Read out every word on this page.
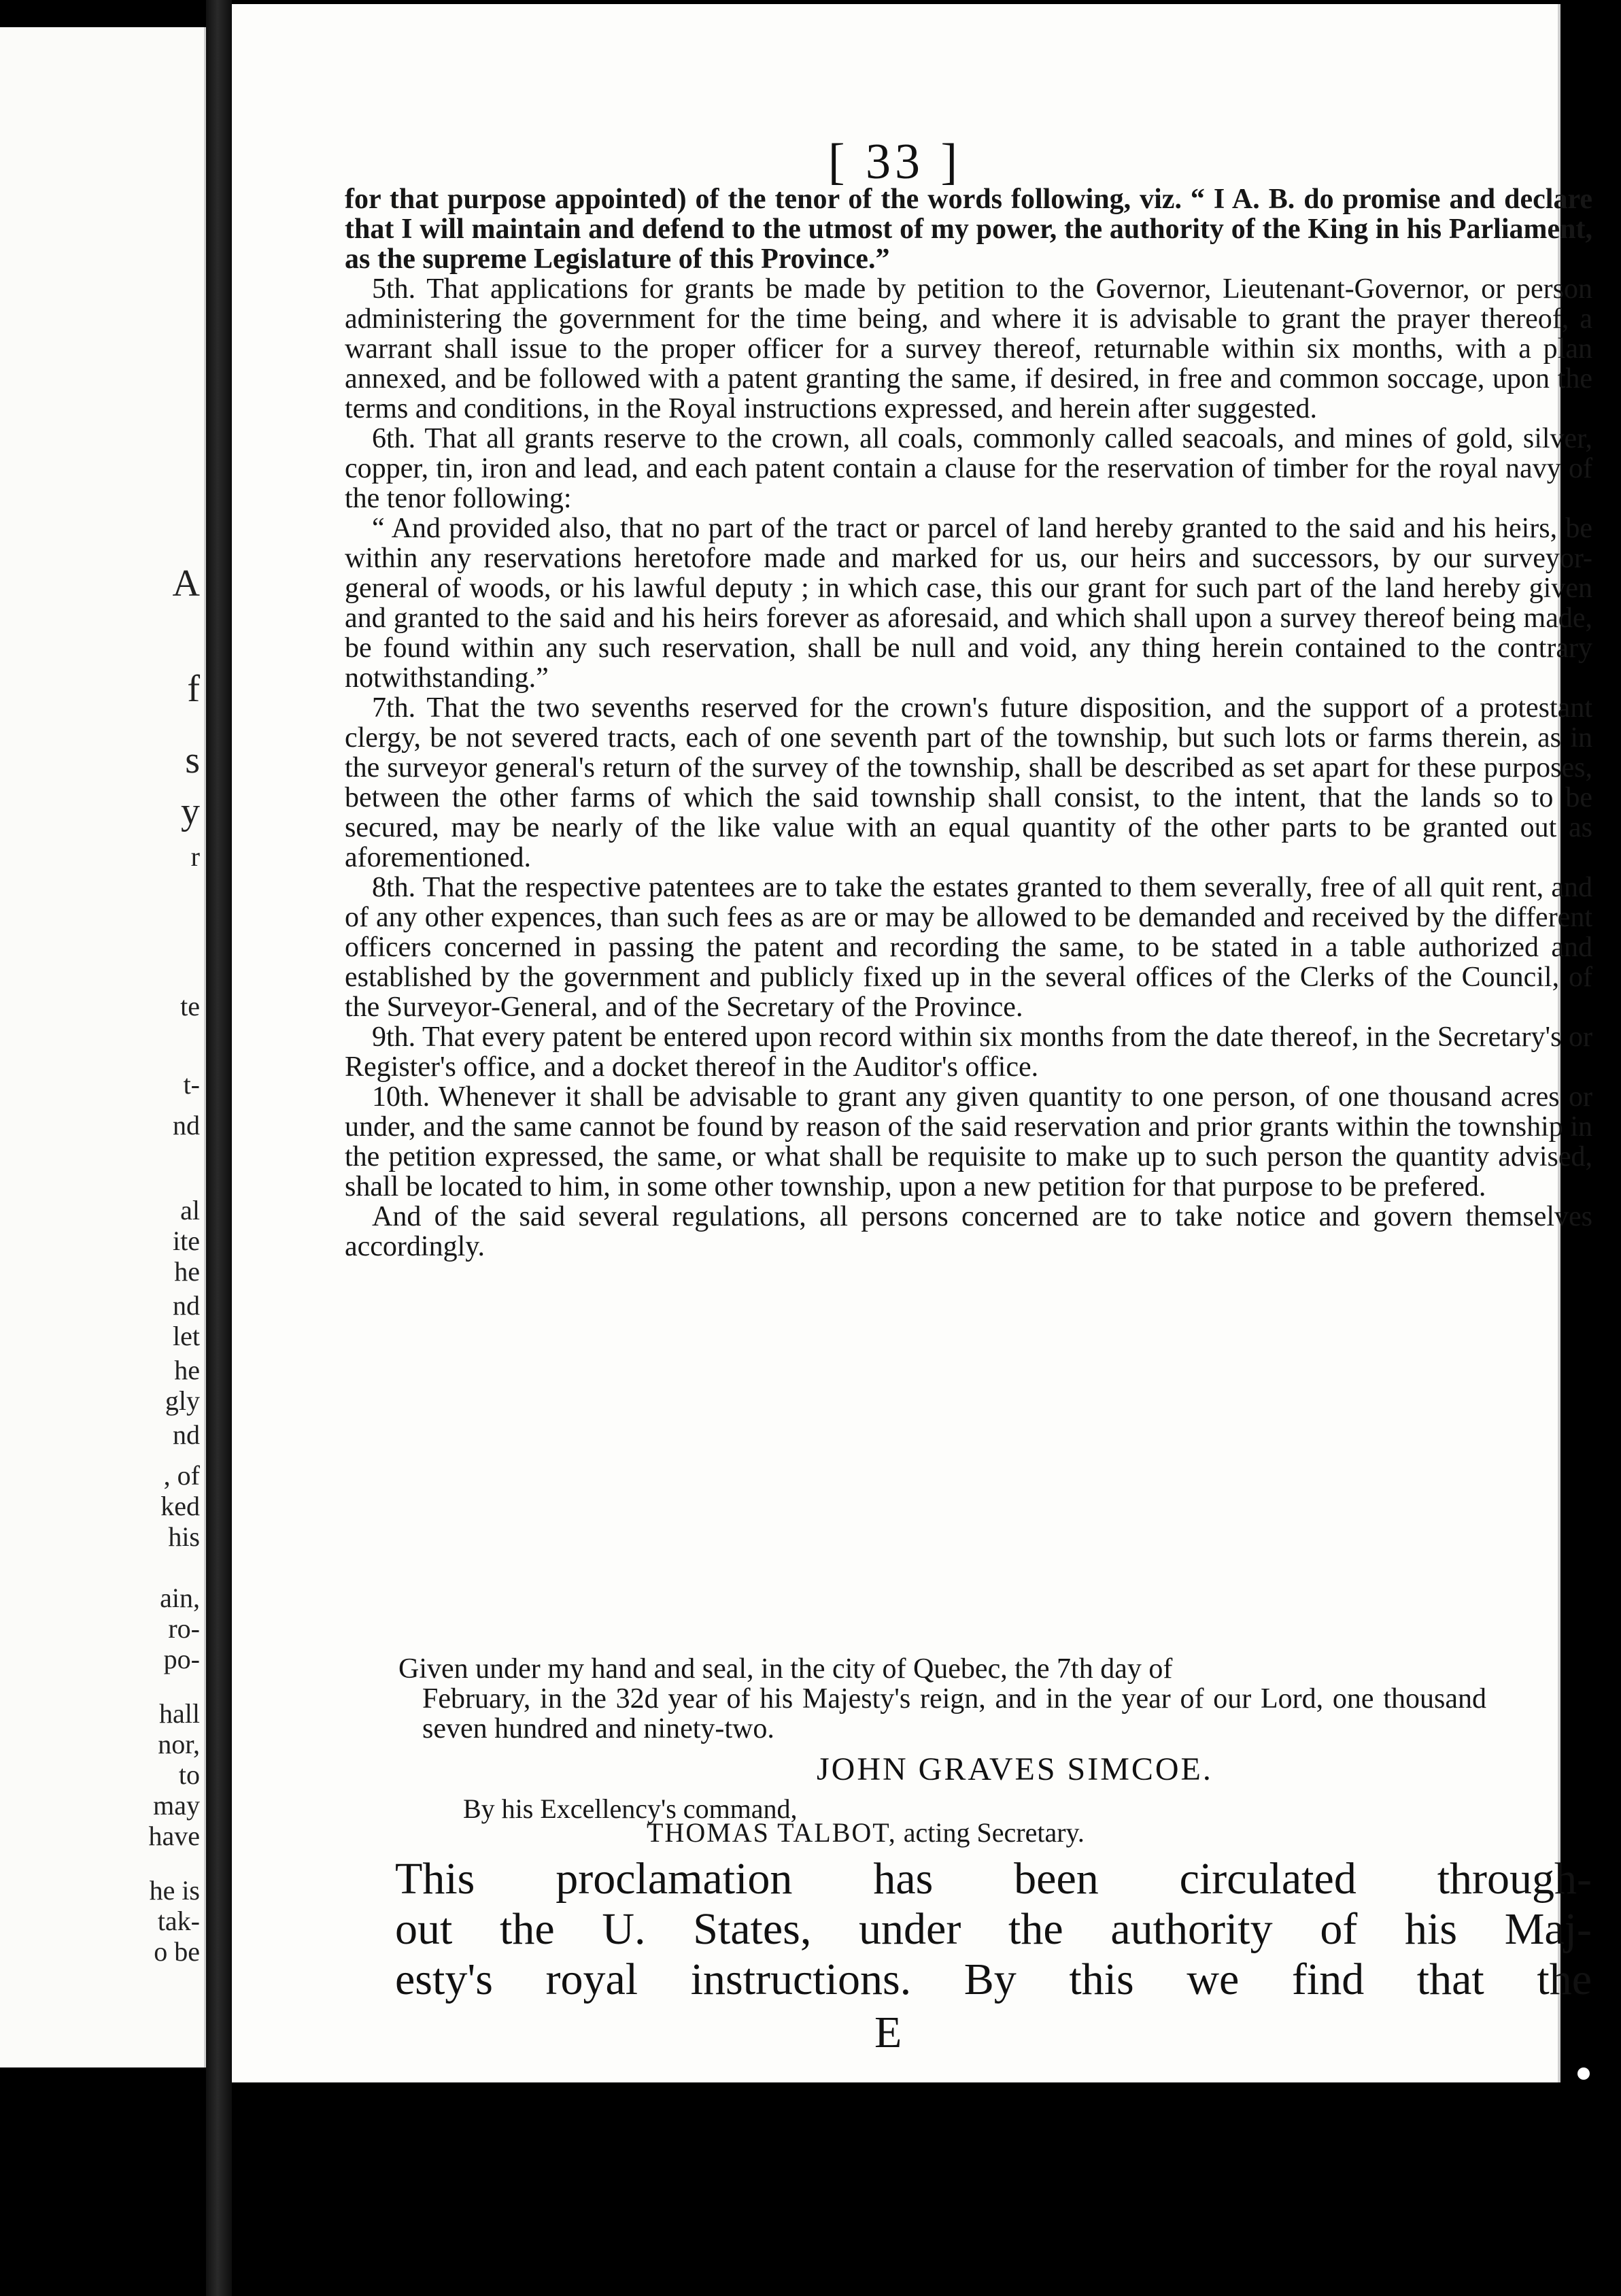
A
f
s
y
r
te
t-
nd
al
ite
he
nd
let
he
gly
nd
, of
ked
his
ain,
ro-
po-
hall
nor,
to
may
have
he is
tak-
o be
[ 33 ]

for that purpose appointed) of the tenor of the words following, viz. “ I A. B. do promise and declare that I will maintain and defend to the utmost of my power, the authority of the King in his Parliament, as the supreme Legislature of this Province.”

5th. That applications for grants be made by petition to the Governor, Lieutenant-Governor, or person administering the government for the time being, and where it is advisable to grant the prayer thereof, a warrant shall issue to the proper officer for a survey thereof, returnable within six months, with a plan annexed, and be followed with a patent granting the same, if desired, in free and common soccage, upon the terms and conditions, in the Royal instructions expressed, and herein after suggested.

6th. That all grants reserve to the crown, all coals, commonly called seacoals, and mines of gold, silver, copper, tin, iron and lead, and each patent contain a clause for the reservation of timber for the royal navy of the tenor following:

“ And provided also, that no part of the tract or parcel of land hereby granted to the said and his heirs, be within any reservations heretofore made and marked for us, our heirs and successors, by our surveyor-general of woods, or his lawful deputy ; in which case, this our grant for such part of the land hereby given and granted to the said and his heirs forever as aforesaid, and which shall upon a survey thereof being made, be found within any such reservation, shall be null and void, any thing herein contained to the contrary notwithstanding.”

7th. That the two sevenths reserved for the crown's future disposition, and the support of a protestant clergy, be not severed tracts, each of one seventh part of the township, but such lots or farms therein, as in the surveyor general's return of the survey of the township, shall be described as set apart for these purposes, between the other farms of which the said township shall consist, to the intent, that the lands so to be secured, may be nearly of the like value with an equal quantity of the other parts to be granted out as aforementioned.

8th. That the respective patentees are to take the estates granted to them severally, free of all quit rent, and of any other expences, than such fees as are or may be allowed to be demanded and received by the different officers concerned in passing the patent and recording the same, to be stated in a table authorized and established by the government and publicly fixed up in the several offices of the Clerks of the Council, of the Surveyor-General, and of the Secretary of the Province.

9th. That every patent be entered upon record within six months from the date thereof, in the Secretary's or Register's office, and a docket thereof in the Auditor's office.

10th. Whenever it shall be advisable to grant any given quantity to one person, of one thousand acres or under, and the same cannot be found by reason of the said reservation and prior grants within the township in the petition expressed, the same, or what shall be requisite to make up to such person the quantity advised, shall be located to him, in some other township, upon a new petition for that purpose to be prefered.

And of the said several regulations, all persons concerned are to take notice and govern themselves accordingly.

Given under my hand and seal, in the city of Quebec, the 7th day of
February, in the 32d year of his Majesty's reign, and in the year of our Lord, one thousand seven hundred and ninety-two.
JOHN GRAVES SIMCOE.
By his Excellency's command,
THOMAS TALBOT, acting Secretary.

This proclamation has been circulated through-

out the U. States, under the authority of his Maj-

esty's royal instructions. By this we find that the

E
